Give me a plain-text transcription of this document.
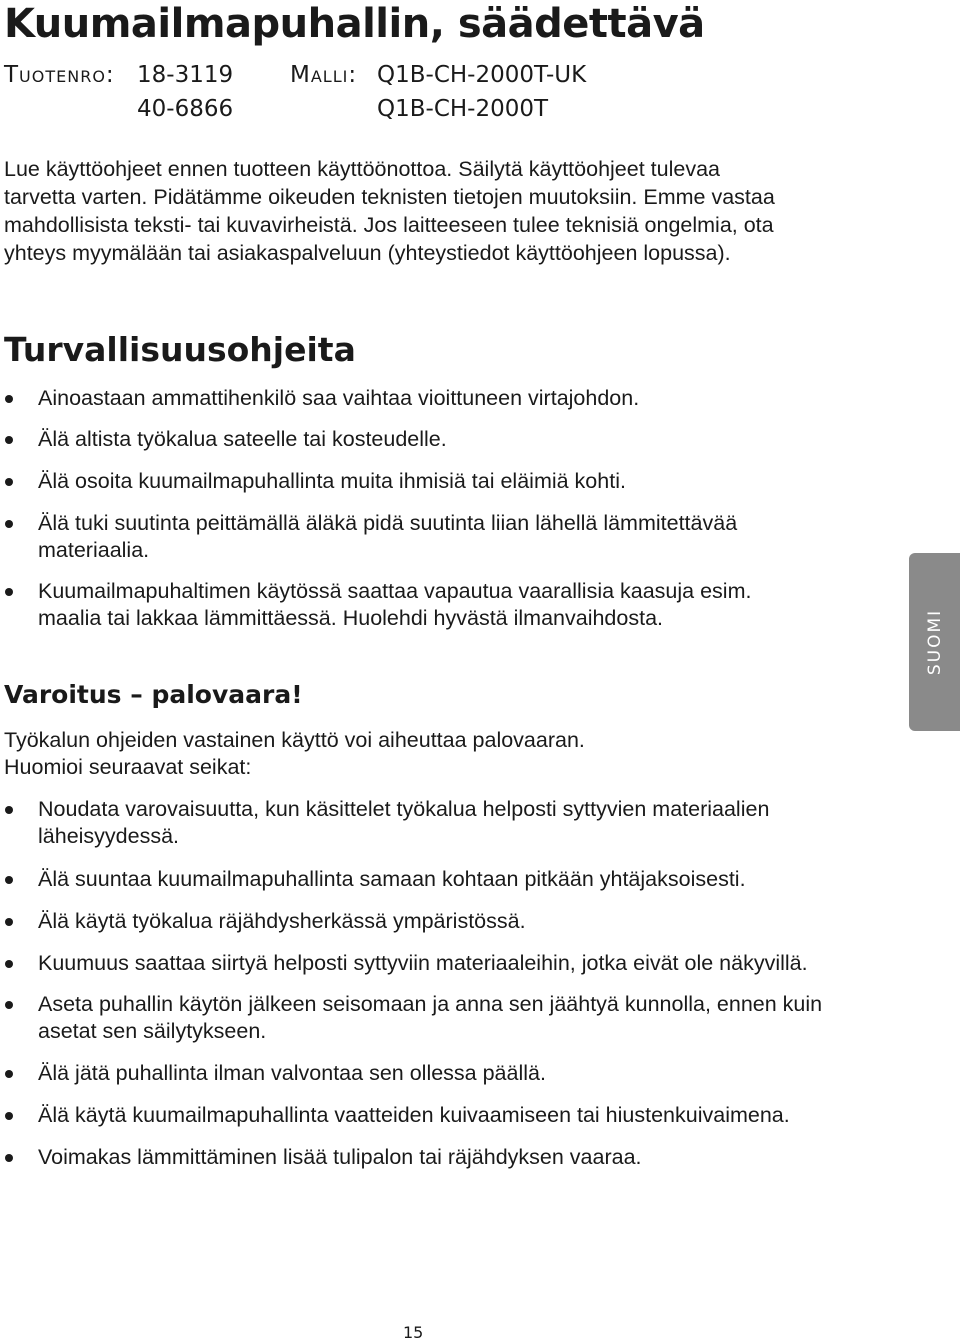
Kuumailmapuhallin, säädettävä
Tuotenro: 18-3119
40-6866
Malli: Q1B-CH-2000T-UK
Q1B-CH-2000T

Lue käyttöohjeet ennen tuotteen käyttöönottoa. Säilytä käyttöohjeet tulevaa
tarvetta varten. Pidätämme oikeuden teknisten tietojen muutoksiin. Emme vastaa
mahdollisista teksti- tai kuvavirheistä. Jos laitteeseen tulee teknisiä ongelmia, ota
yhteys myymälään tai asiakaspalveluun (yhteystiedot käyttöohjeen lopussa).

Turvallisuusohjeita
Ainoastaan ammattihenkilö saa vaihtaa vioittuneen virtajohdon.
Älä altista työkalua sateelle tai kosteudelle.
Älä osoita kuumailmapuhallinta muita ihmisiä tai eläimiä kohti.
Älä tuki suutinta peittämällä äläkä pidä suutinta liian lähellä lämmitettävää materiaalia.
Kuumailmapuhaltimen käytössä saattaa vapautua vaarallisia kaasuja esim. maalia tai lakkaa lämmittäessä. Huolehdi hyvästä ilmanvaihdosta.	SUOMI
Varoitus – palovaara!

Työkalun ohjeiden vastainen käyttö voi aiheuttaa palovaaran.
Huomioi seuraavat seikat:

Noudata varovaisuutta, kun käsittelet työkalua helposti syttyvien materiaalien läheisyydessä.
Älä suuntaa kuumailmapuhallinta samaan kohtaan pitkään yhtäjaksoisesti.
Älä käytä työkalua räjähdysherkässä ympäristössä.
Kuumuus saattaa siirtyä helposti syttyviin materiaaleihin, jotka eivät ole näkyvillä.
Aseta puhallin käytön jälkeen seisomaan ja anna sen jäähtyä kunnolla, ennen kuin asetat sen säilytykseen.
Älä jätä puhallinta ilman valvontaa sen ollessa päällä.
Älä käytä kuumailmapuhallinta vaatteiden kuivaamiseen tai hiustenkuivaimena.
Voimakas lämmittäminen lisää tulipalon tai räjähdyksen vaaraa.
15
